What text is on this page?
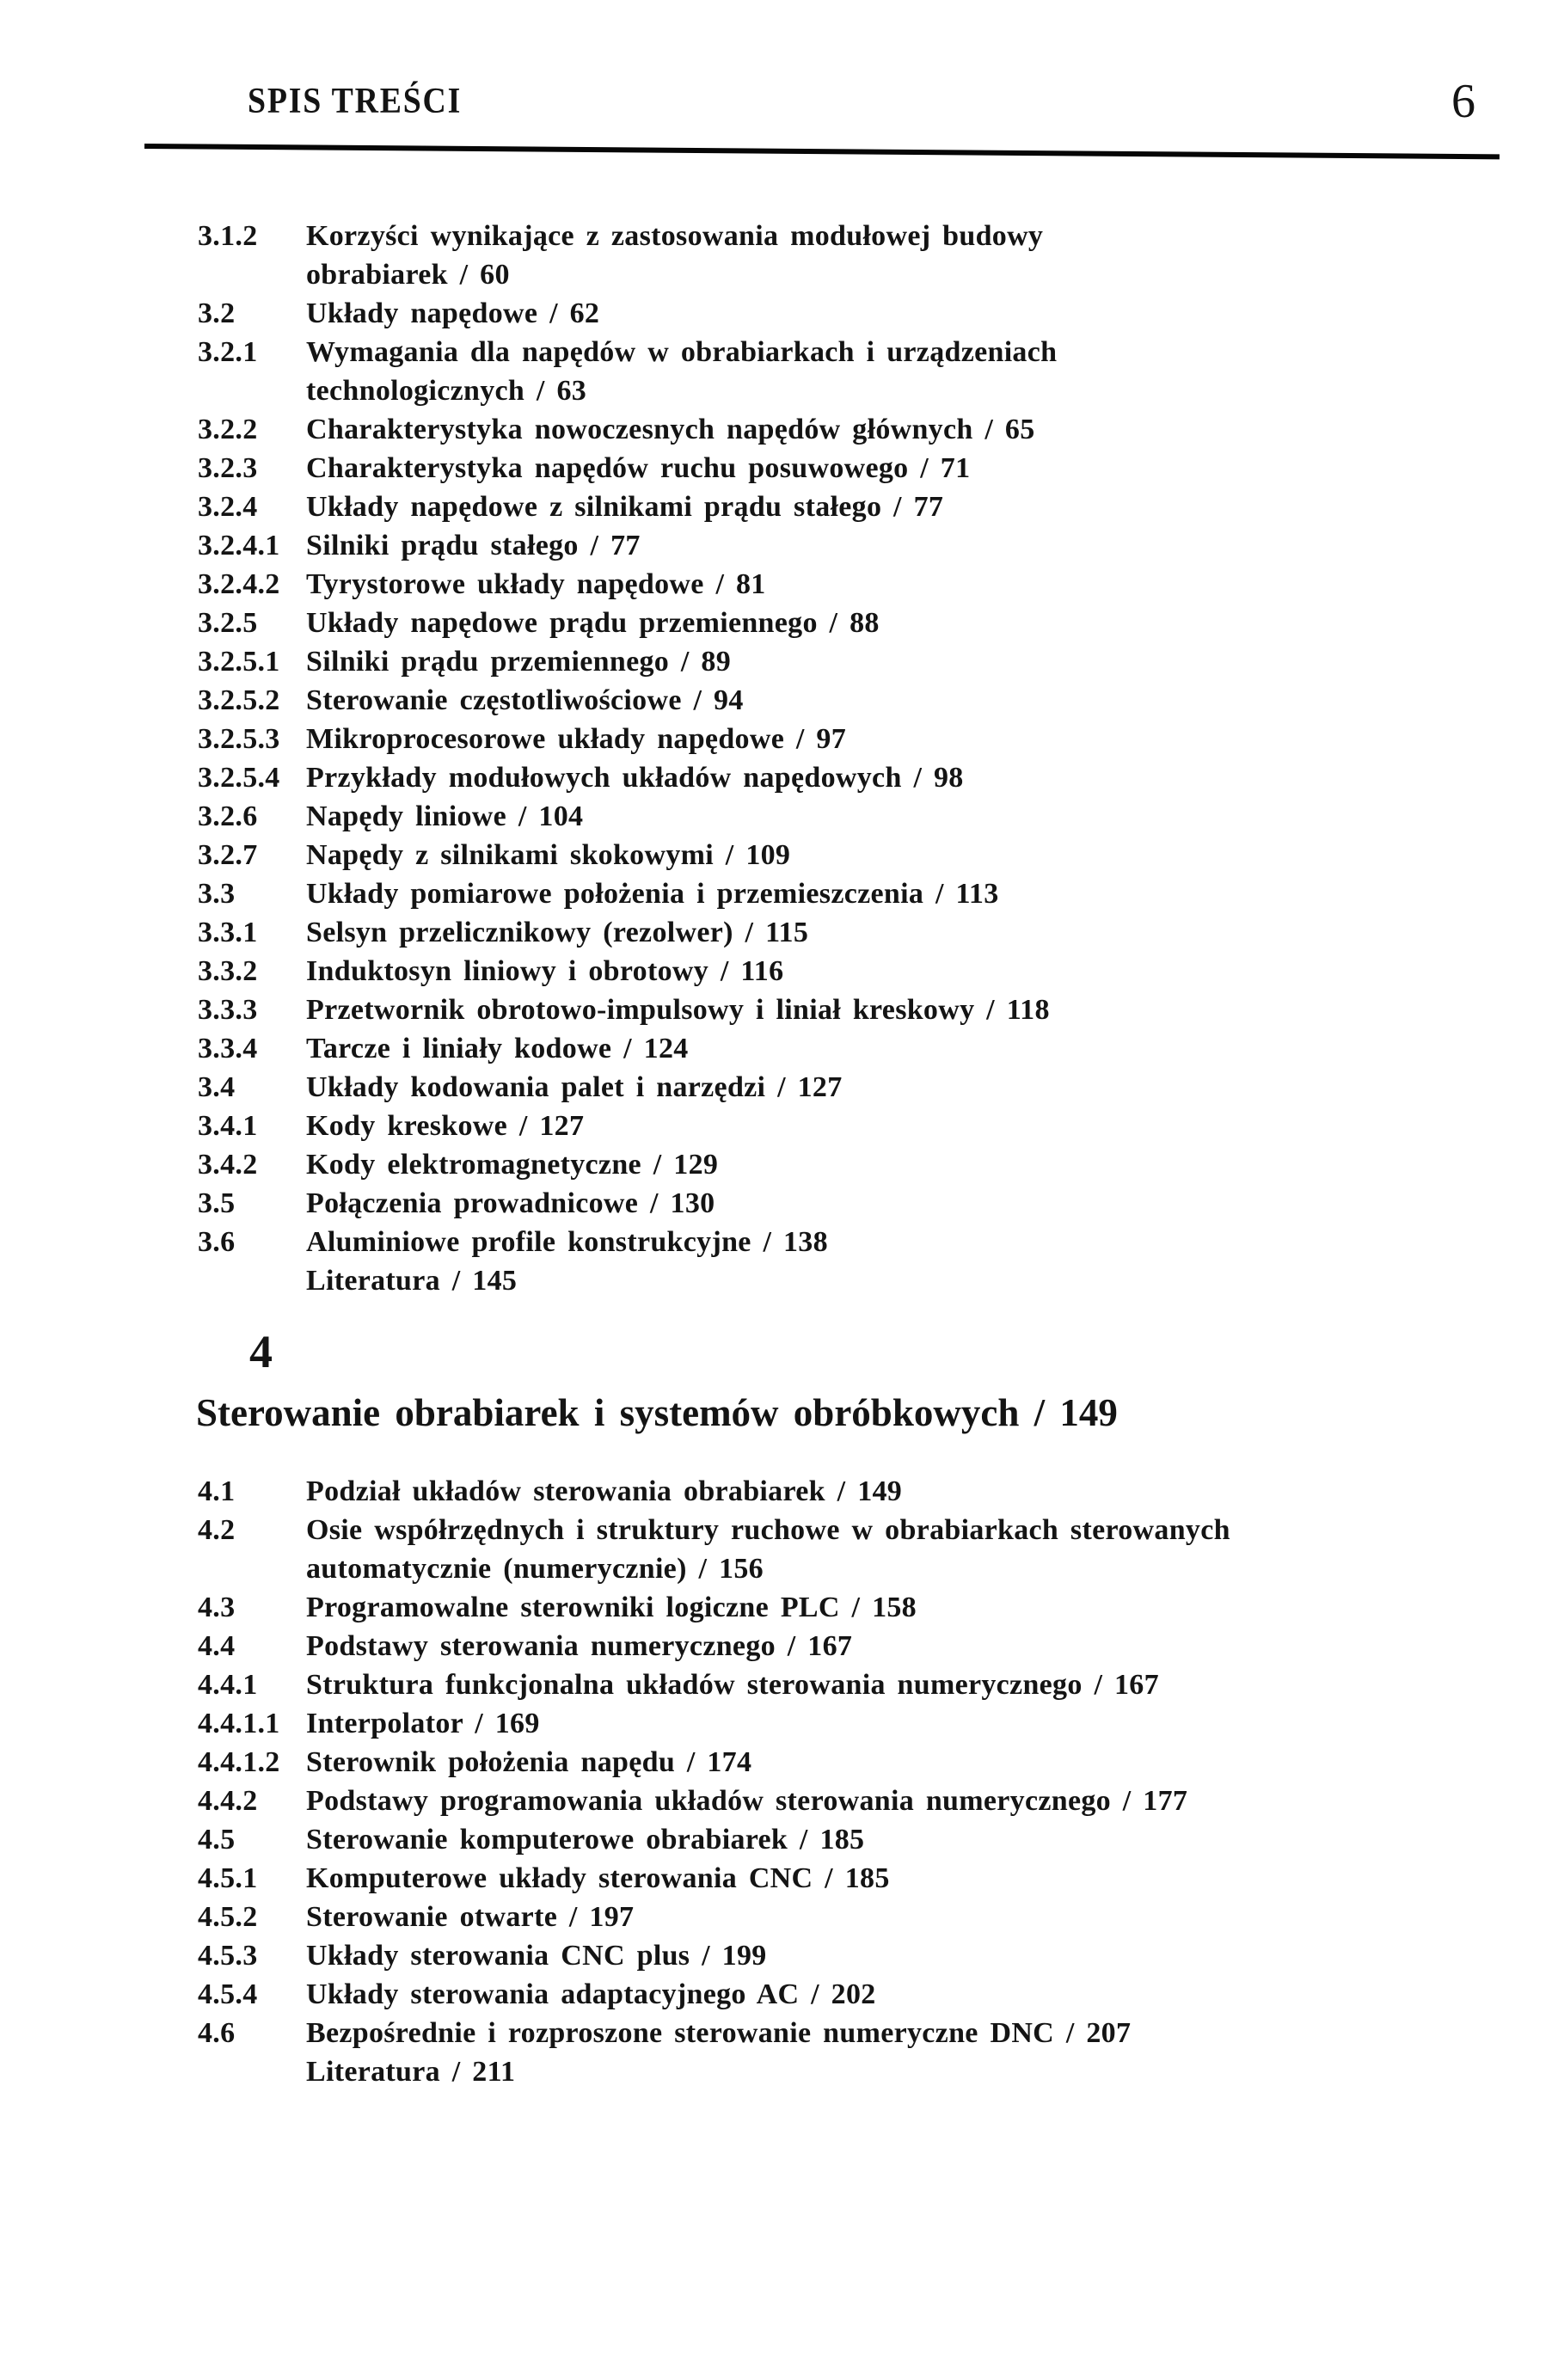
SPIS TREŚCI	6
3.1.2	Korzyści wynikające z zastosowania modułowej budowy
obrabiarek / 60
3.2	Układy napędowe / 62
3.2.1	Wymagania dla napędów w obrabiarkach i urządzeniach
technologicznych / 63
3.2.2	Charakterystyka nowoczesnych napędów głównych / 65
3.2.3	Charakterystyka napędów ruchu posuwowego / 71
3.2.4	Układy napędowe z silnikami prądu stałego / 77
3.2.4.1 Silniki prądu stałego / 77
3.2.4.2 Tyrystorowe układy napędowe / 81
3.2.5	Układy napędowe prądu przemiennego / 88
3.2.5.1 Silniki prądu przemiennego / 89
3.2.5.2 Sterowanie częstotliwościowe / 94
3.2.5.3 Mikroprocesorowe układy napędowe / 97
3.2.5.4 Przykłady modułowych układów napędowych / 98
3.2.6	Napędy liniowe / 104
3.2.7	Napędy z silnikami skokowymi / 109
3.3	Układy pomiarowe położenia i przemieszczenia / 113
3.3.1	Selsyn przelicznikowy (rezolwer) / 115
3.3.2	Induktosyn liniowy i obrotowy / 116
3.3.3	Przetwornik obrotowo-impulsowy i liniał kreskowy / 118
3.3.4	Tarcze i liniały kodowe / 124
3.4	Układy kodowania palet i narzędzi / 127
3.4.1	Kody kreskowe / 127
3.4.2	Kody elektromagnetyczne / 129
3.5	Połączenia prowadnicowe / 130
3.6	Aluminiowe profile konstrukcyjne / 138
Literatura / 145
4
Sterowanie obrabiarek i systemów obróbkowych / 149
4.1	Podział układów sterowania obrabiarek / 149
4.2	Osie współrzędnych i struktury ruchowe w obrabiarkach sterowanych
automatycznie (numerycznie) / 156
4.3	Programowalne sterowniki logiczne PLC / 158
4.4	Podstawy sterowania numerycznego / 167
4.4.1	Struktura funkcjonalna układów sterowania numerycznego / 167
4.4.1.1 Interpolator / 169
4.4.1.2 Sterownik położenia napędu / 174
4.4.2	Podstawy programowania układów sterowania numerycznego / 177
4.5	Sterowanie komputerowe obrabiarek / 185
4.5.1	Komputerowe układy sterowania CNC / 185
4.5.2	Sterowanie otwarte / 197
4.5.3	Układy sterowania CNC plus / 199
4.5.4	Układy sterowania adaptacyjnego AC / 202
4.6	Bezpośrednie i rozproszone sterowanie numeryczne DNC / 207
Literatura / 211
